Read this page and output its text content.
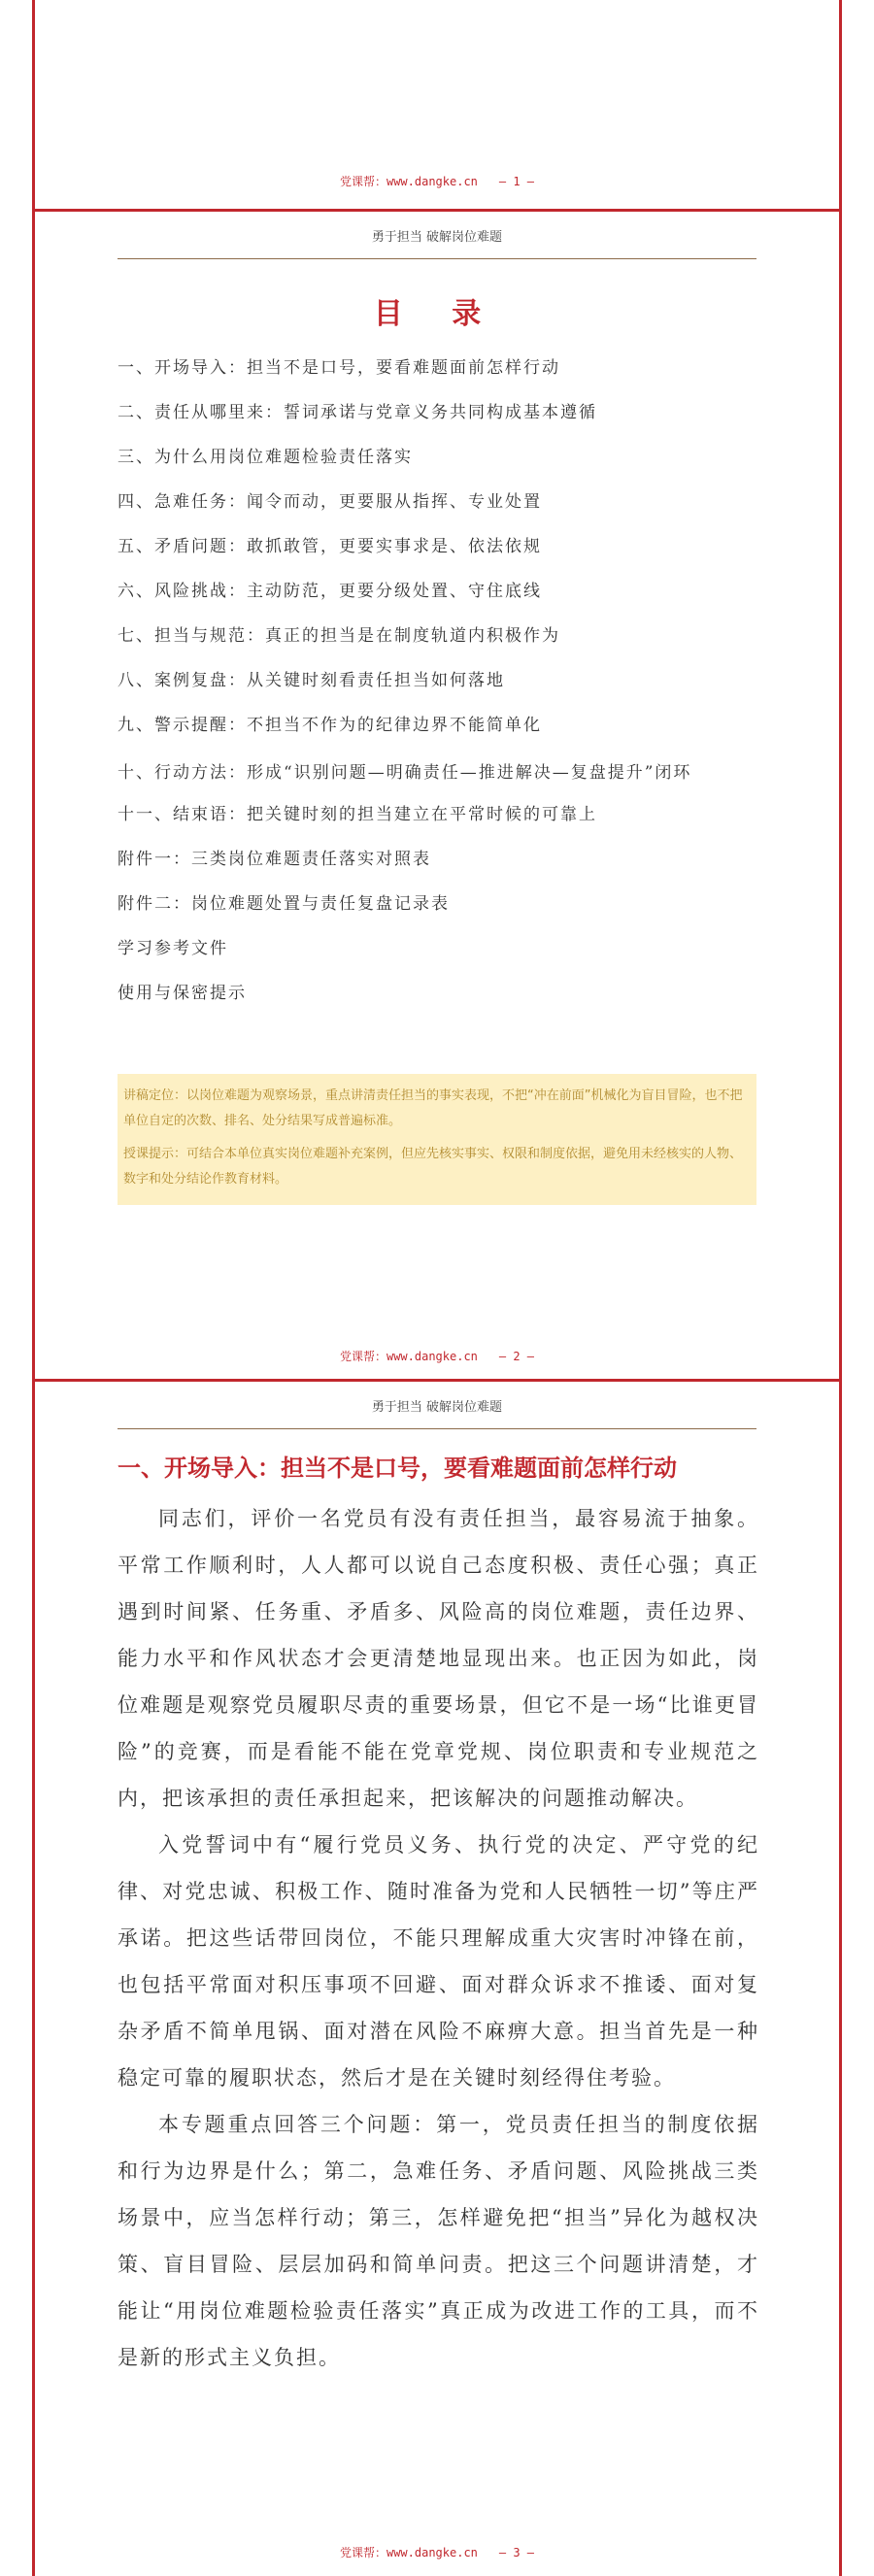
党课帮：www.dangke.cn — 1 —
勇于担当 破解岗位难题
目 录
一、开场导入：担当不是口号，要看难题面前怎样行动
二、责任从哪里来：誓词承诺与党章义务共同构成基本遵循
三、为什么用岗位难题检验责任落实
四、急难任务：闻令而动，更要服从指挥、专业处置
五、矛盾问题：敢抓敢管，更要实事求是、依法依规
六、风险挑战：主动防范，更要分级处置、守住底线
七、担当与规范：真正的担当是在制度轨道内积极作为
八、案例复盘：从关键时刻看责任担当如何落地
九、警示提醒：不担当不作为的纪律边界不能简单化
十、行动方法：形成“识别问题—明确责任—推进解决—复盘提升”闭环
十一、结束语：把关键时刻的担当建立在平常时候的可靠上
附件一：三类岗位难题责任落实对照表
附件二：岗位难题处置与责任复盘记录表
学习参考文件
使用与保密提示

讲稿定位：以岗位难题为观察场景，重点讲清责任担当的事实表现，不把“冲在前面”机械化为盲目冒险，也不把单位自定的次数、排名、处分结果写成普遍标准。

授课提示：可结合本单位真实岗位难题补充案例，但应先核实事实、权限和制度依据，避免用未经核实的人物、数字和处分结论作教育材料。

党课帮：www.dangke.cn — 2 —
勇于担当 破解岗位难题
一、开场导入：担当不是口号，要看难题面前怎样行动

同志们，评价一名党员有没有责任担当，最容易流于抽象。平常工作顺利时，人人都可以说自己态度积极、责任心强；真正遇到时间紧、任务重、矛盾多、风险高的岗位难题，责任边界、能力水平和作风状态才会更清楚地显现出来。也正因为如此，岗位难题是观察党员履职尽责的重要场景，但它不是一场“比谁更冒险”的竞赛，而是看能不能在党章党规、岗位职责和专业规范之内，把该承担的责任承担起来，把该解决的问题推动解决。

入党誓词中有“履行党员义务、执行党的决定、严守党的纪律、对党忠诚、积极工作、随时准备为党和人民牺牲一切”等庄严承诺。把这些话带回岗位，不能只理解成重大灾害时冲锋在前，也包括平常面对积压事项不回避、面对群众诉求不推诿、面对复杂矛盾不简单甩锅、面对潜在风险不麻痹大意。担当首先是一种稳定可靠的履职状态，然后才是在关键时刻经得住考验。

本专题重点回答三个问题：第一，党员责任担当的制度依据和行为边界是什么；第二，急难任务、矛盾问题、风险挑战三类场景中，应当怎样行动；第三，怎样避免把“担当”异化为越权决策、盲目冒险、层层加码和简单问责。把这三个问题讲清楚，才能让“用岗位难题检验责任落实”真正成为改进工作的工具，而不是新的形式主义负担。

党课帮：www.dangke.cn — 3 —
